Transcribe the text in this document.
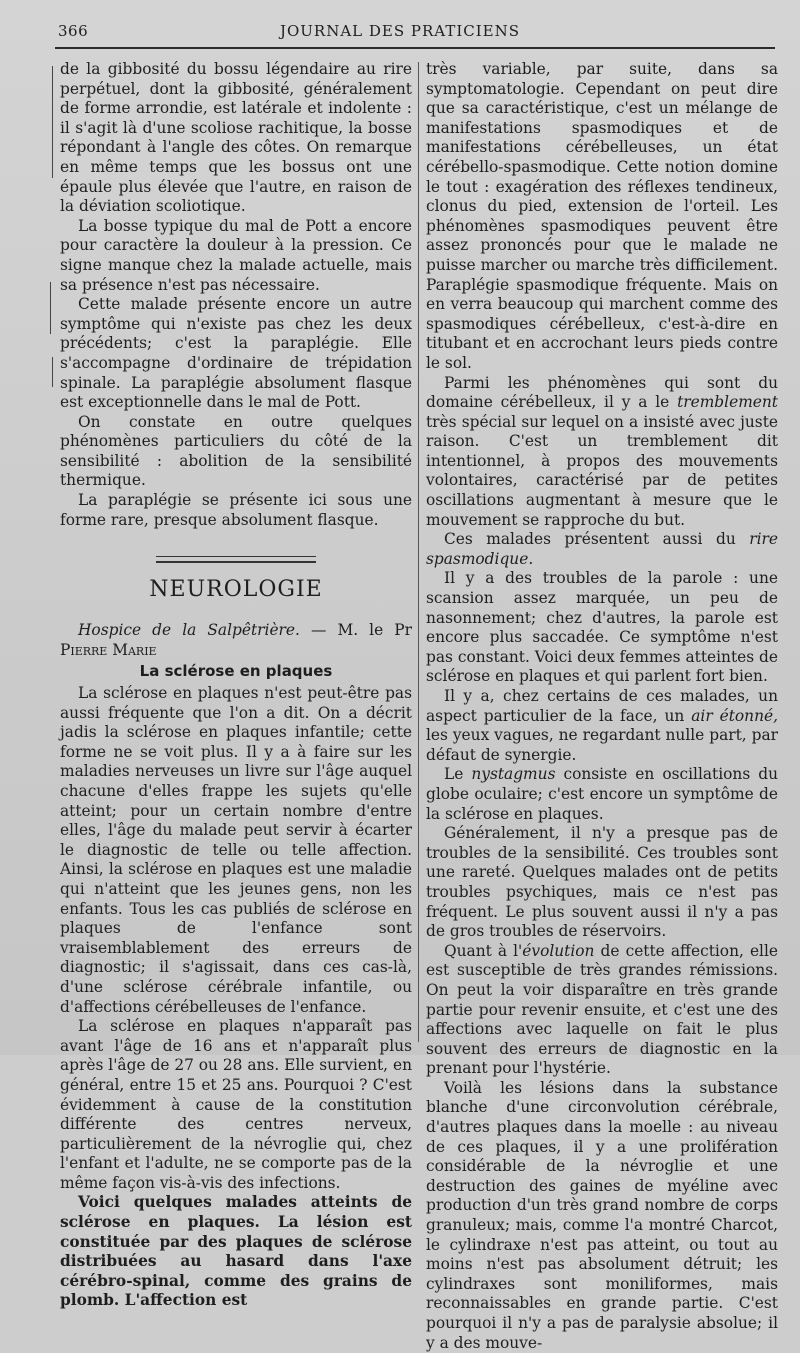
366	JOURNAL DES PRATICIENS

de la gibbosité du bossu légendaire au rire perpétuel, dont la gibbosité, généralement de forme arrondie, est latérale et indolente : il s'agit là d'une scoliose rachitique, la bosse répondant à l'angle des côtes. On remarque en même temps que les bossus ont une épaule plus élevée que l'autre, en raison de la déviation scoliotique.

La bosse typique du mal de Pott a encore pour caractère la douleur à la pression. Ce signe manque chez la malade actuelle, mais sa présence n'est pas nécessaire.

Cette malade présente encore un autre symptôme qui n'existe pas chez les deux précédents; c'est la paraplégie. Elle s'accompagne d'ordinaire de trépidation spinale. La paraplégie absolument flasque est exceptionnelle dans le mal de Pott.

On constate en outre quelques phénomènes particuliers du côté de la sensibilité : abolition de la sensibilité thermique.

La paraplégie se présente ici sous une forme rare, presque absolument flasque.

NEUROLOGIE

Hospice de la Salpêtrière. — M. le Pr Pierre Marie

La sclérose en plaques

La sclérose en plaques n'est peut-être pas aussi fréquente que l'on a dit. On a décrit jadis la sclérose en plaques infantile; cette forme ne se voit plus. Il y a à faire sur les maladies nerveuses un livre sur l'âge auquel chacune d'elles frappe les sujets qu'elle atteint; pour un certain nombre d'entre elles, l'âge du malade peut servir à écarter le diagnostic de telle ou telle affection. Ainsi, la sclérose en plaques est une maladie qui n'atteint que les jeunes gens, non les enfants. Tous les cas publiés de sclérose en plaques de l'enfance sont vraisemblablement des erreurs de diagnostic; il s'agissait, dans ces cas-là, d'une sclérose cérébrale infantile, ou d'affections cérébelleuses de l'enfance.

La sclérose en plaques n'apparaît pas avant l'âge de 16 ans et n'apparaît plus après l'âge de 27 ou 28 ans. Elle survient, en général, entre 15 et 25 ans. Pourquoi ? C'est évidemment à cause de la constitution différente des centres nerveux, particulièrement de la névroglie qui, chez l'enfant et l'adulte, ne se comporte pas de la même façon vis-à-vis des infections.

Voici quelques malades atteints de sclérose en plaques. La lésion est constituée par des plaques de sclérose distribuées au hasard dans l'axe cérébro-spinal, comme des grains de plomb. L'affection est

très variable, par suite, dans sa symptomatologie. Cependant on peut dire que sa caractéristique, c'est un mélange de manifestations spasmodiques et de manifestations cérébelleuses, un état cérébello-spasmodique. Cette notion domine le tout : exagération des réflexes tendineux, clonus du pied, extension de l'orteil. Les phénomènes spasmodiques peuvent être assez prononcés pour que le malade ne puisse marcher ou marche très difficilement. Paraplégie spasmodique fréquente. Mais on en verra beaucoup qui marchent comme des spasmodiques cérébelleux, c'est-à-dire en titubant et en accrochant leurs pieds contre le sol.

Parmi les phénomènes qui sont du domaine cérébelleux, il y a le tremblement très spécial sur lequel on a insisté avec juste raison. C'est un tremblement dit intentionnel, à propos des mouvements volontaires, caractérisé par de petites oscillations augmentant à mesure que le mouvement se rapproche du but.

Ces malades présentent aussi du rire spasmodique.

Il y a des troubles de la parole : une scansion assez marquée, un peu de nasonnement; chez d'autres, la parole est encore plus saccadée. Ce symptôme n'est pas constant. Voici deux femmes atteintes de sclérose en plaques et qui parlent fort bien.

Il y a, chez certains de ces malades, un aspect particulier de la face, un air étonné, les yeux vagues, ne regardant nulle part, par défaut de synergie.

Le nystagmus consiste en oscillations du globe oculaire; c'est encore un symptôme de la sclérose en plaques.

Généralement, il n'y a presque pas de troubles de la sensibilité. Ces troubles sont une rareté. Quelques malades ont de petits troubles psychiques, mais ce n'est pas fréquent. Le plus souvent aussi il n'y a pas de gros troubles de réservoirs.

Quant à l'évolution de cette affection, elle est susceptible de très grandes rémissions. On peut la voir disparaître en très grande partie pour revenir ensuite, et c'est une des affections avec laquelle on fait le plus souvent des erreurs de diagnostic en la prenant pour l'hystérie.

Voilà les lésions dans la substance blanche d'une circonvolution cérébrale, d'autres plaques dans la moelle : au niveau de ces plaques, il y a une prolifération considérable de la névroglie et une destruction des gaines de myéline avec production d'un très grand nombre de corps granuleux; mais, comme l'a montré Charcot, le cylindraxe n'est pas atteint, ou tout au moins n'est pas absolument détruit; les cylindraxes sont moniliformes, mais reconnaissables en grande partie. C'est pourquoi il n'y a pas de paralysie absolue; il y a des mouve-
